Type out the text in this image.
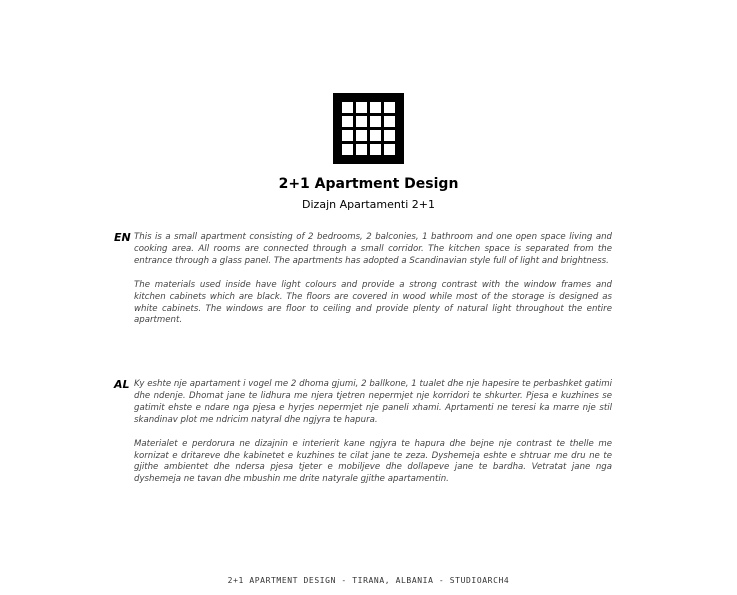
2+1 Apartment Design
Dizajn Apartamenti 2+1
EN This is a small apartment consisting of 2 bedrooms, 2 balconies, 1 bathroom and one open space living and cooking area. All rooms are connected through a small corridor. The kitchen space is separated from the entrance through a glass panel. The apartments has adopted a Scandinavian style full of light and brightness.

The materials used inside have light colours and provide a strong contrast with the window frames and kitchen cabinets which are black. The floors are covered in wood while most of the storage is designed as white cabinets. The windows are floor to ceiling and provide plenty of natural light throughout the entire apartment.

AL Ky eshte nje apartament i vogel me 2 dhoma gjumi, 2 ballkone, 1 tualet dhe nje hapesire te perbashket gatimi dhe ndenje. Dhomat jane te lidhura me njera tjetren nepermjet nje korridori te shkurter. Pjesa e kuzhines se gatimit ehste e ndare nga pjesa e hyrjes nepermjet nje paneli xhami. Aprtamenti ne teresi ka marre nje stil skandinav plot me ndricim natyral dhe ngjyra te hapura.

Materialet e perdorura ne dizajnin e interierit kane ngjyra te hapura dhe bejne nje contrast te thelle me kornizat e dritareve dhe kabinetet e kuzhines te cilat jane te zeza. Dyshemeja eshte e shtruar me dru ne te gjithe ambientet dhe ndersa pjesa tjeter e mobiljeve dhe dollapeve jane te bardha. Vetratat jane nga dyshemeja ne tavan dhe mbushin me drite natyrale gjithe apartamentin.

2+1 APARTMENT DESIGN - TIRANA, ALBANIA - STUDIOARCH4
